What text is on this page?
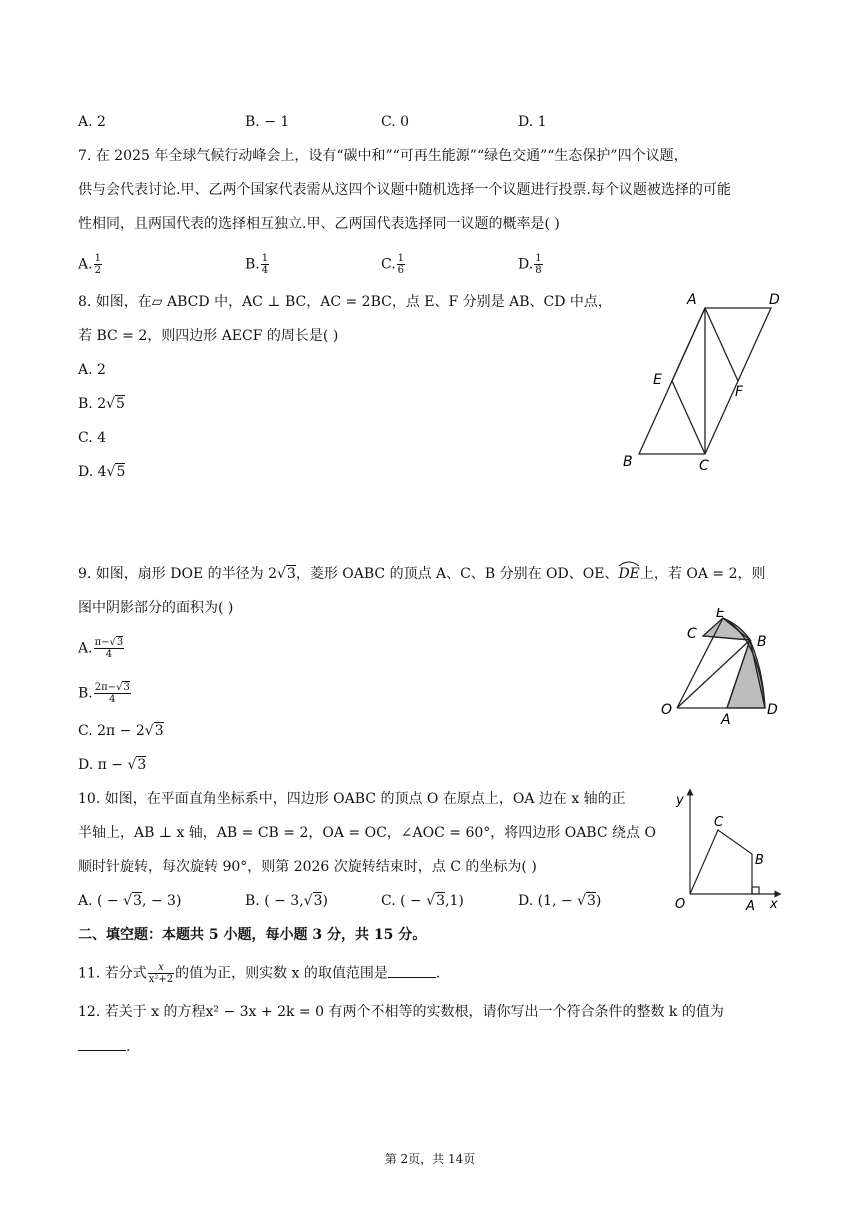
A. 2	B. − 1	C. 0	D. 1
7. 在 2025 年全球气候行动峰会上，设有“碳中和”“可再生能源”“绿色交通”“生态保护”四个议题，
供与会代表讨论.甲、乙两个国家代表需从这四个议题中随机选择一个议题进行投票.每个议题被选择的可能
性相同，且两国代表的选择相互独立.甲、乙两国代表选择同一议题的概率是( )
A. $\frac{1}{2}$	B. $\frac{1}{4}$	C. $\frac{1}{6}$	D. $\frac{1}{8}$
8. 如图，在▱ ABCD 中，AC ⊥ BC，AC = 2BC，点 E、F 分别是 AB、CD 中点，
若 BC = 2，则四边形 AECF 的周长是( )
A. 2
B. 2√5
C. 4
D. 4√5
A	D
E
F
B	C
9. 如图，扇形 DOE 的半径为 2√3，菱形 OABC 的顶点 A、C、B 分别在 OD、OE、
DE上，若 OA = 2，则
图中阴影部分的面积为( )
A. $\frac{\pi-√3}{4}$
B. $\frac{2\pi-√3}{4}$
C. 2π − 2√3
D. π − √3
E
C	B
O
A
D
10. 如图，在平面直角坐标系中，四边形 OABC 的顶点 O 在原点上，OA 边在 x 轴的正
半轴上，AB ⊥ x 轴，AB = CB = 2，OA = OC，∠AOC = 60°，将四边形 OABC 绕点 O
顺时针旋转，每次旋转 90°，则第 2026 次旋转结束时，点 C 的坐标为( )
A. ( − √3, − 3)	B. ( − 3,√3)	C. ( − √3,1)	D. (1, − √3)
y
C
B
O	A x
二、填空题：本题共 5 小题，每小题 3 分，共 15 分。
11. 若分式 $\frac{x}{\text{x²+2}}$ 的值为正，则实数 x 的取值范围是	.
12. 若关于 x 的方程x² − 3x + 2k = 0 有两个不相等的实数根，请你写出一个符合条件的整数 k 的值为
.
第 2页，共 14页
